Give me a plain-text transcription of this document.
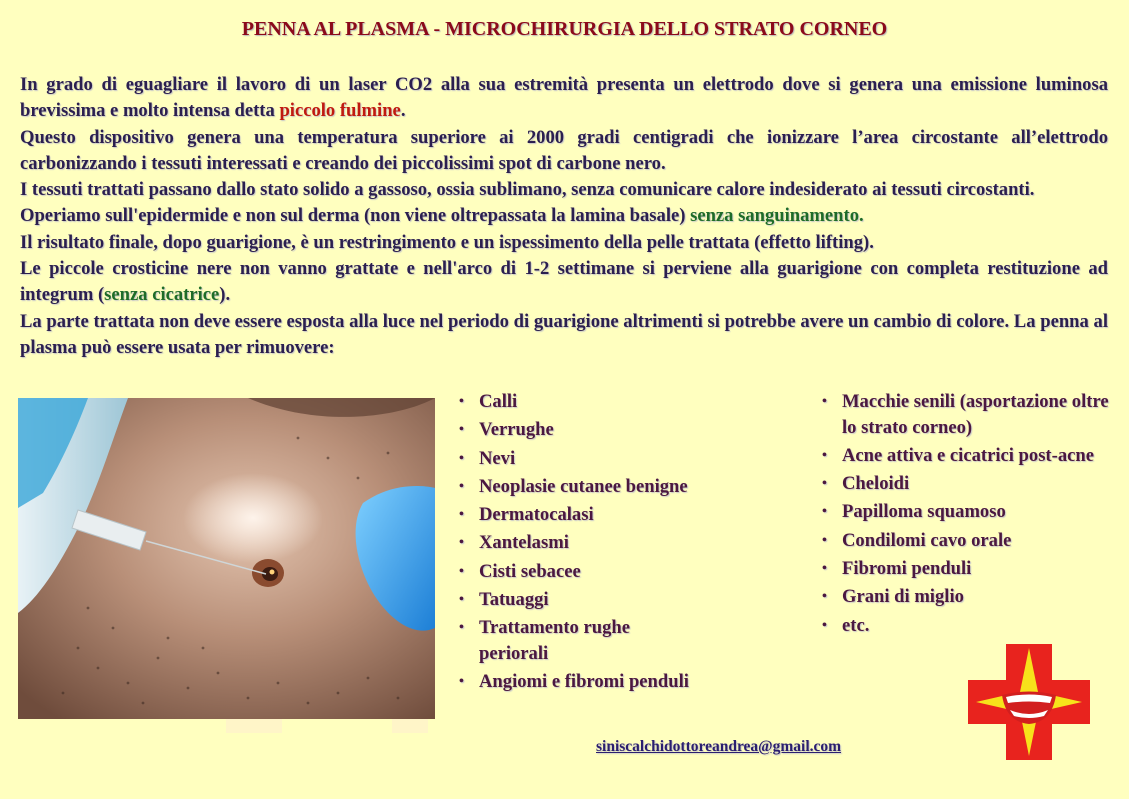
PENNA AL PLASMA - MICROCHIRURGIA DELLO STRATO CORNEO

In grado di eguagliare il lavoro di un laser CO2 alla sua estremità presenta un elettrodo dove si genera una emissione luminosa brevissima e molto intensa detta piccolo fulmine.

Questo dispositivo genera una temperatura superiore ai 2000 gradi centigradi che ionizzare l’area circostante all’elettrodo carbonizzando i tessuti interessati e creando dei piccolissimi spot di carbone nero.

I tessuti trattati passano dallo stato solido a gassoso, ossia sublimano, senza comunicare calore indesiderato ai tessuti circostanti.

Operiamo sull'epidermide e non sul derma (non viene oltrepassata la lamina basale) senza sanguinamento.

Il risultato finale, dopo guarigione, è un restringimento e un ispessimento della pelle trattata (effetto lifting).

Le piccole crosticine nere non vanno grattate e nell'arco di 1-2 settimane si perviene alla guarigione con completa restituzione ad integrum (senza cicatrice).

La parte trattata non deve essere esposta alla luce nel periodo di guarigione altrimenti si potrebbe avere un cambio di colore. La penna al plasma può essere usata per rimuovere:

• Calli
• Verrughe
• Nevi
• Neoplasie cutanee benigne
• Dermatocalasi
• Xantelasmi
• Cisti sebacee
• Tatuaggi
• Trattamento rughe periorali
• Angiomi e fibromi penduli
• Macchie senili (asportazione oltre lo strato corneo)
• Acne attiva e cicatrici post-acne
• Cheloidi
• Papilloma squamoso
• Condilomi cavo orale
• Fibromi penduli
• Grani di miglio
• etc.
siniscalchidottoreandrea@gmail.com
